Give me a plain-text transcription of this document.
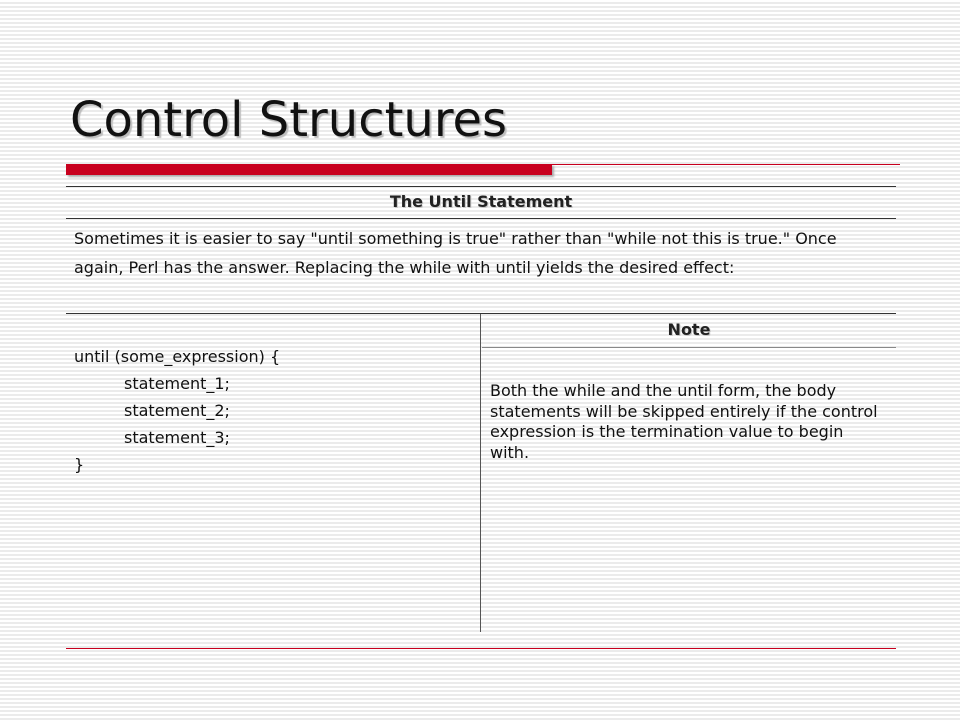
Control Structures
The Until Statement
Sometimes it is easier to say "until something is true" rather than "while not this is true." Once again, Perl has the answer. Replacing the while with until yields the desired effect:
until (some_expression) {
statement_1;
statement_2;
statement_3;
}
Note
Both the while and the until form, the body statements will be skipped entirely if the control expression is the termination value to begin with.
